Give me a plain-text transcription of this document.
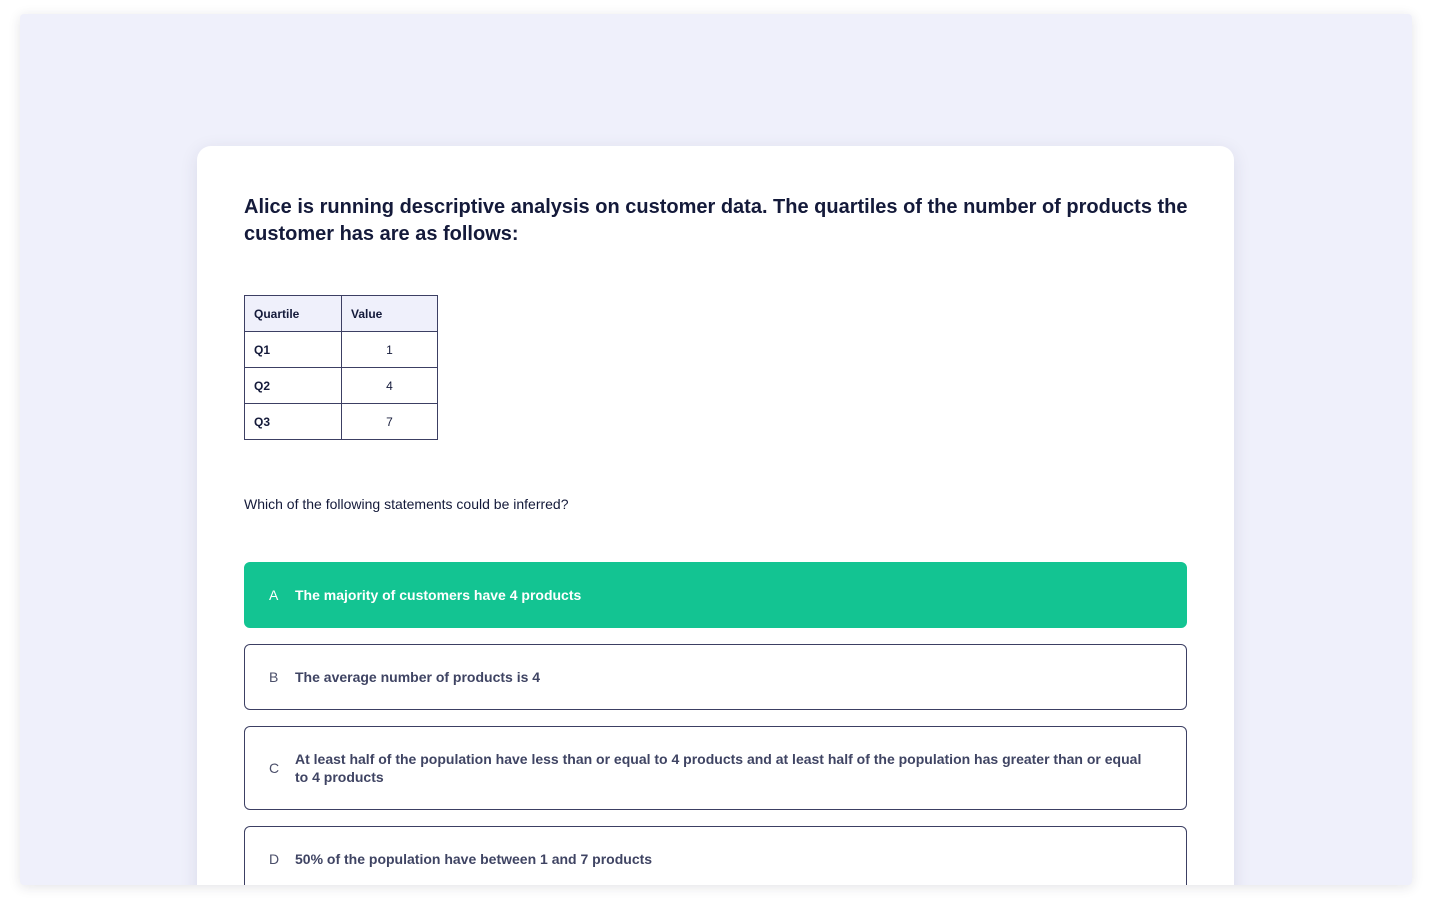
Alice is running descriptive analysis on customer data. The quartiles of the number of products the customer has are as follows:
Quartile	Value
Q1	1
Q2	4
Q3	7

Which of the following statements could be inferred?

A	The majority of customers have 4 products
B	The average number of products is 4
C
At least half of the population have less than or equal to 4 products and at least half of the population has greater than or equal to 4 products
D	50% of the population have between 1 and 7 products
